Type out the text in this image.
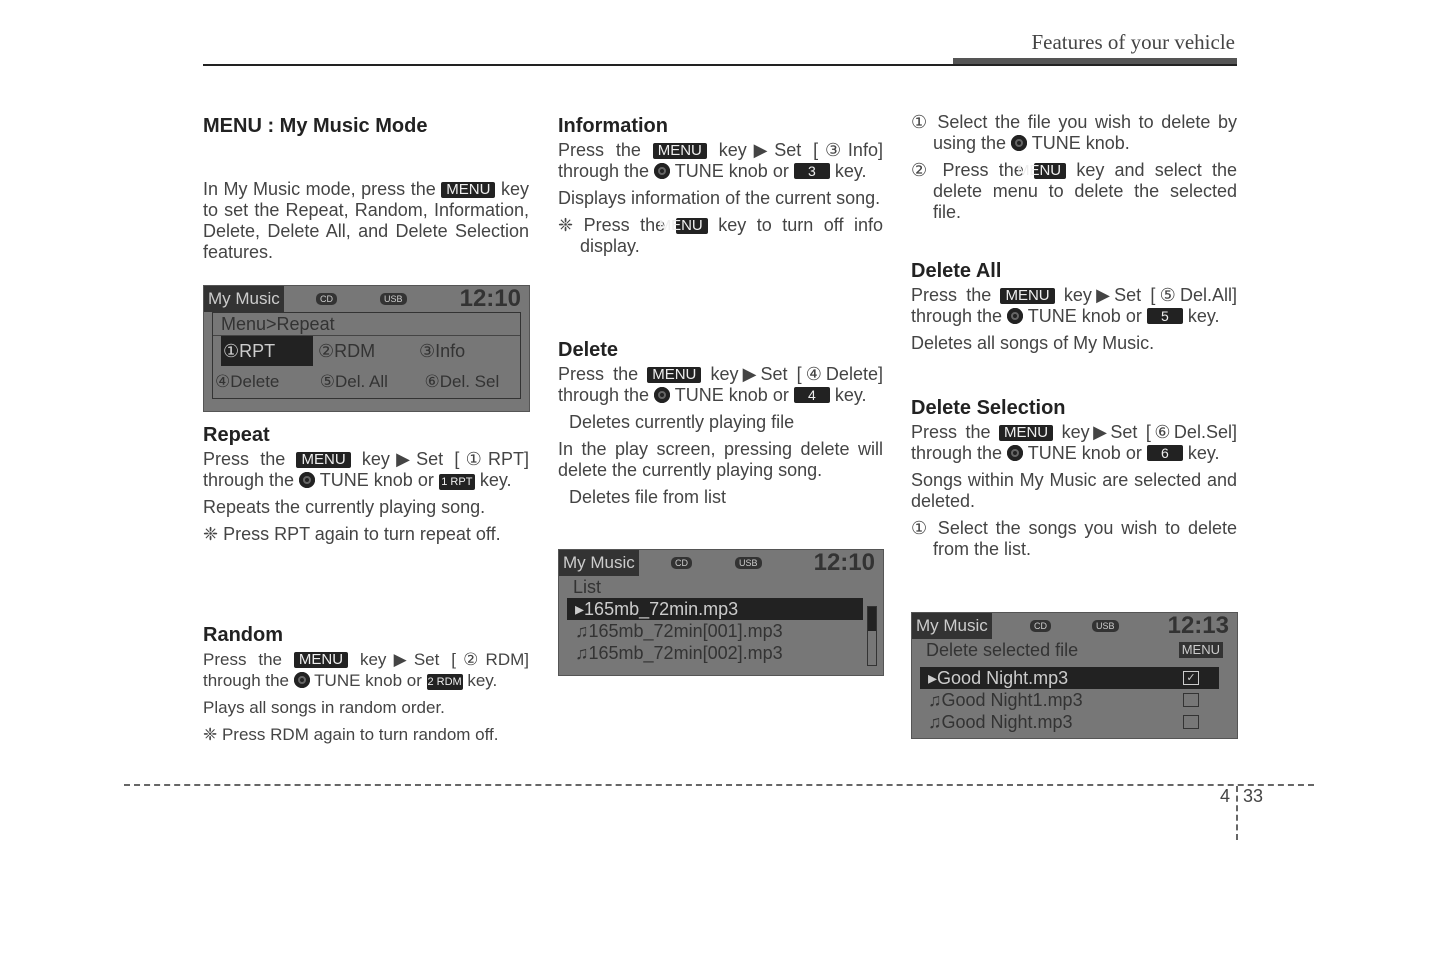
Features of your vehicle
MENU : My Music Mode

In My Music mode, press the MENU key to set the Repeat, Random, Information, Delete, Delete All, and Delete Selection features.

My Music	CD	USB 12:10
Menu>Repeat
①RPT ②RDM ③Info
④Delete ⑤Del. All ⑥Del. Sel
Repeat

Press the MENU key▶Set [①RPT] through the TUNE knob or 1 RPT key.

Repeats the currently playing song.

❈ Press RPT again to turn repeat off.

Random

Press the MENU key▶Set [②RDM] through the TUNE knob or 2 RDM key.

Plays all songs in random order.

❈ Press RDM again to turn random off.

Information

Press the MENU key▶Set [③Info] through the TUNE knob or 3 key.

Displays information of the current song.

❈ Press the MENU key to turn off info display.

Delete

Press the MENU key▶Set [④Delete] through the TUNE knob or 4 key.

Deletes currently playing file

In the play screen, pressing delete will delete the currently playing song.

Deletes file from list

My Music	CD	USB 12:10
List
▸165mb_72min.mp3
♫165mb_72min[001].mp3
♫165mb_72min[002].mp3

① Select the file you wish to delete by using the TUNE knob.

② Press the MENU key and select the delete menu to delete the selected file.

Delete All

Press the MENU key▶Set [⑤Del.All] through the TUNE knob or 5 key.

Deletes all songs of My Music.

Delete Selection

Press the MENU key▶Set [⑥Del.Sel] through the TUNE knob or 6 key.

Songs within My Music are selected and deleted.

① Select the songs you wish to delete from the list.

My Music	CD	USB 12:13
Delete selected file	MENU
▸Good Night.mp3	✓
♫Good Night1.mp3
♫Good Night.mp3
4 33
